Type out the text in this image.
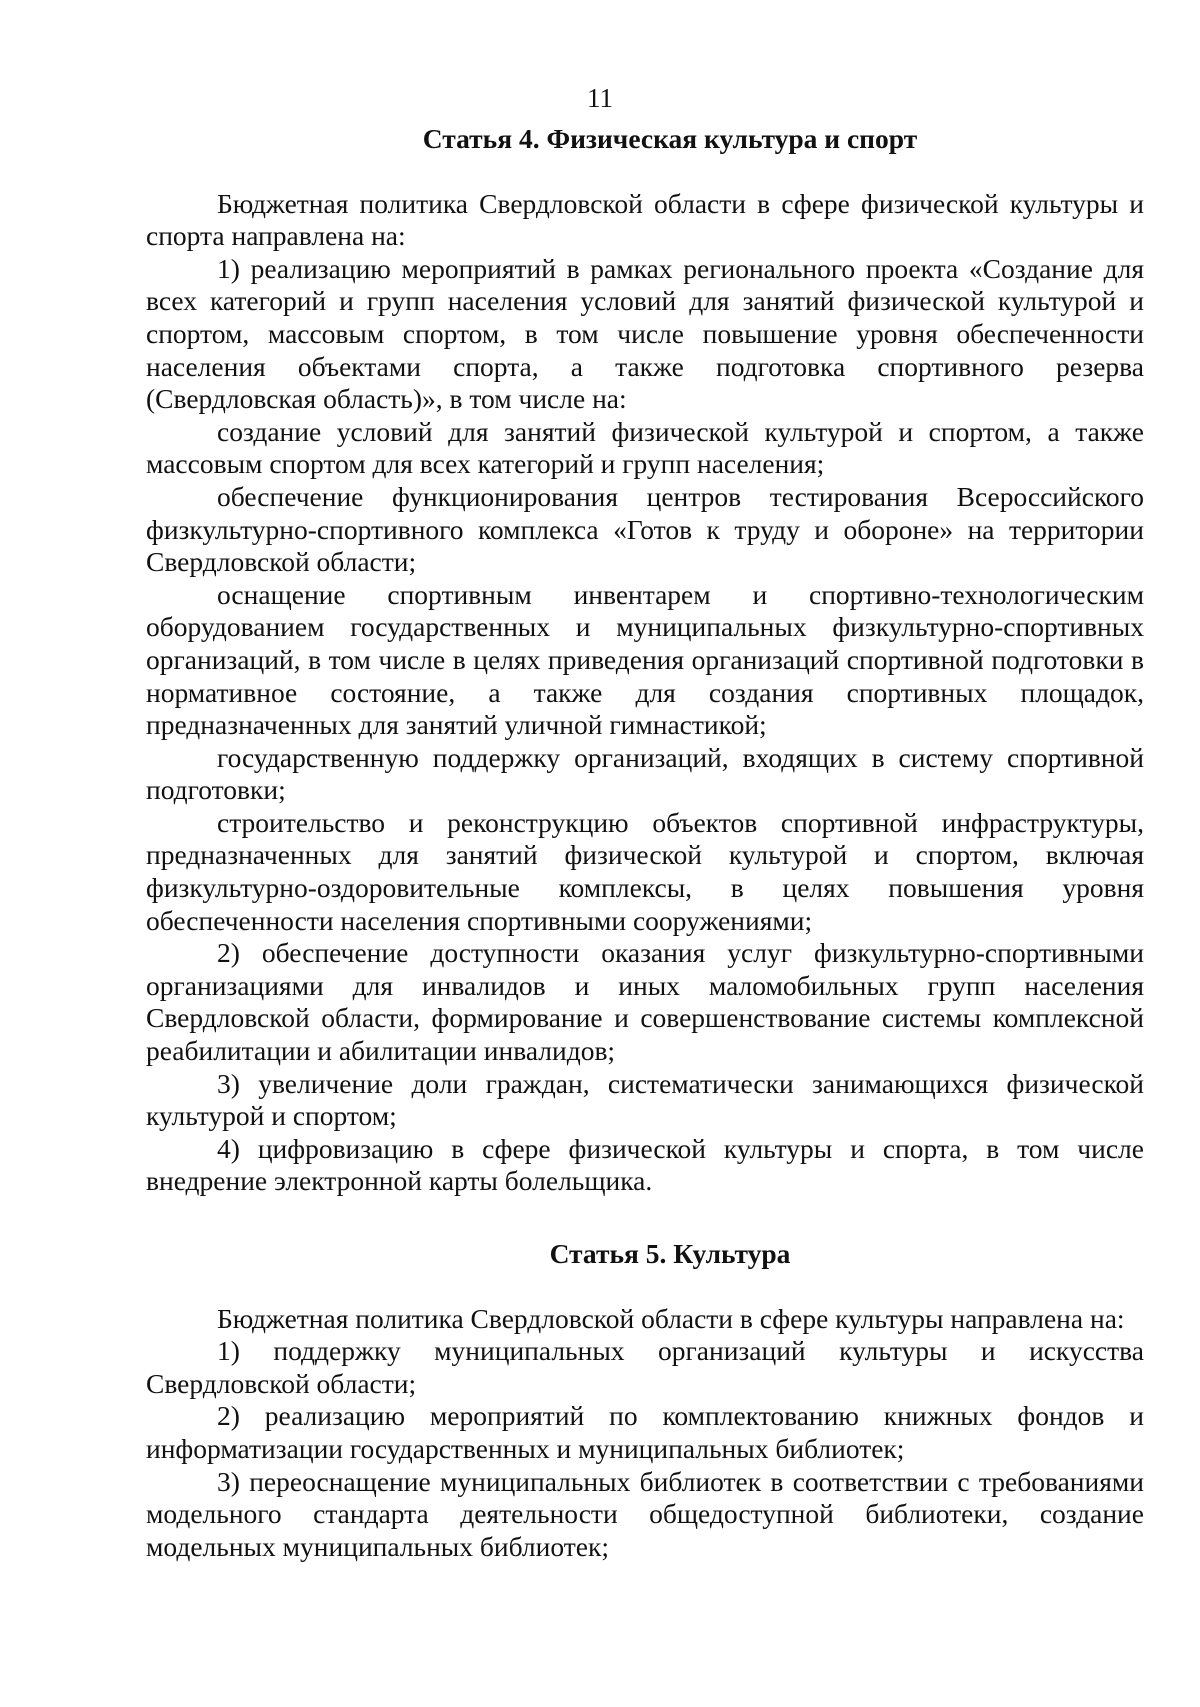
11
Статья 4. Физическая культура и спорт

Бюджетная политика Свердловской области в сфере физической культуры и спорта направлена на:

1) реализацию мероприятий в рамках регионального проекта «Создание для всех категорий и групп населения условий для занятий физической культурой и спортом, массовым спортом, в том числе повышение уровня обеспеченности населения объектами спорта, а также подготовка спортивного резерва (Свердловская область)», в том числе на:

создание условий для занятий физической культурой и спортом, а также массовым спортом для всех категорий и групп населения;

обеспечение функционирования центров тестирования Всероссийского физкультурно-спортивного комплекса «Готов к труду и обороне» на территории Свердловской области;

оснащение спортивным инвентарем и спортивно-технологическим оборудованием государственных и муниципальных физкультурно-спортивных организаций, в том числе в целях приведения организаций спортивной подготовки в нормативное состояние, а также для создания спортивных площадок, предназначенных для занятий уличной гимнастикой;

государственную поддержку организаций, входящих в систему спортивной подготовки;

строительство и реконструкцию объектов спортивной инфраструктуры, предназначенных для занятий физической культурой и спортом, включая физкультурно-оздоровительные комплексы, в целях повышения уровня обеспеченности населения спортивными сооружениями;

2) обеспечение доступности оказания услуг физкультурно-спортивными организациями для инвалидов и иных маломобильных групп населения Свердловской области, формирование и совершенствование системы комплексной реабилитации и абилитации инвалидов;

3) увеличение доли граждан, систематически занимающихся физической культурой и спортом;

4) цифровизацию в сфере физической культуры и спорта, в том числе внедрение электронной карты болельщика.

Статья 5. Культура

Бюджетная политика Свердловской области в сфере культуры направлена на:

1) поддержку муниципальных организаций культуры и искусства Свердловской области;

2) реализацию мероприятий по комплектованию книжных фондов и информатизации государственных и муниципальных библиотек;

3) переоснащение муниципальных библиотек в соответствии с требованиями модельного стандарта деятельности общедоступной библиотеки, создание модельных муниципальных библиотек;
